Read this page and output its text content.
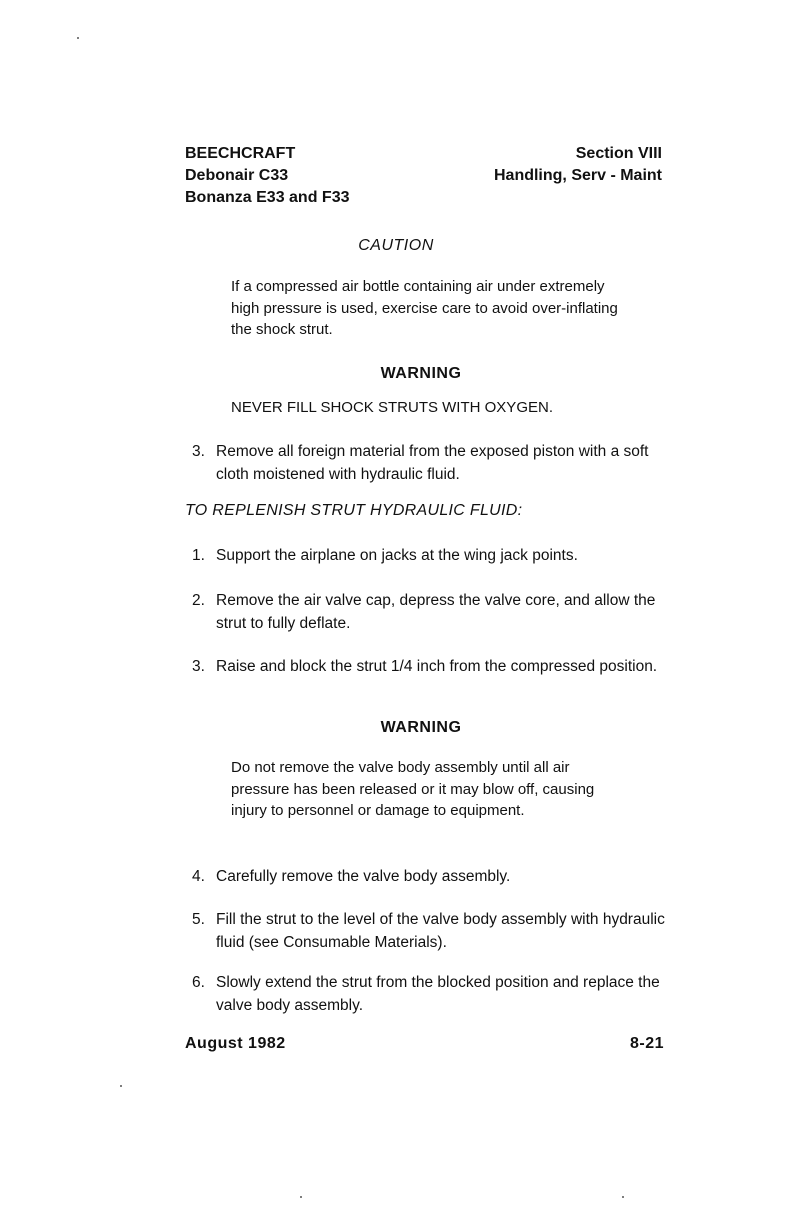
BEECHCRAFT
Debonair C33
Bonanza E33 and F33
Section VIII
Handling, Serv - Maint
CAUTION
If a compressed air bottle containing air under extremely high pressure is used, exercise care to avoid over-inflating the shock strut.
WARNING
NEVER FILL SHOCK STRUTS WITH OXYGEN.
3. Remove all foreign material from the exposed piston with a soft cloth moistened with hydraulic fluid.
TO REPLENISH STRUT HYDRAULIC FLUID:
1. Support the airplane on jacks at the wing jack points.
2. Remove the air valve cap, depress the valve core, and allow the strut to fully deflate.
3. Raise and block the strut 1/4 inch from the compressed position.
WARNING
Do not remove the valve body assembly until all air pressure has been released or it may blow off, causing injury to personnel or damage to equipment.
4. Carefully remove the valve body assembly.
5. Fill the strut to the level of the valve body assembly with hydraulic fluid (see Consumable Materials).
6. Slowly extend the strut from the blocked position and replace the valve body assembly.
August 1982	8-21
